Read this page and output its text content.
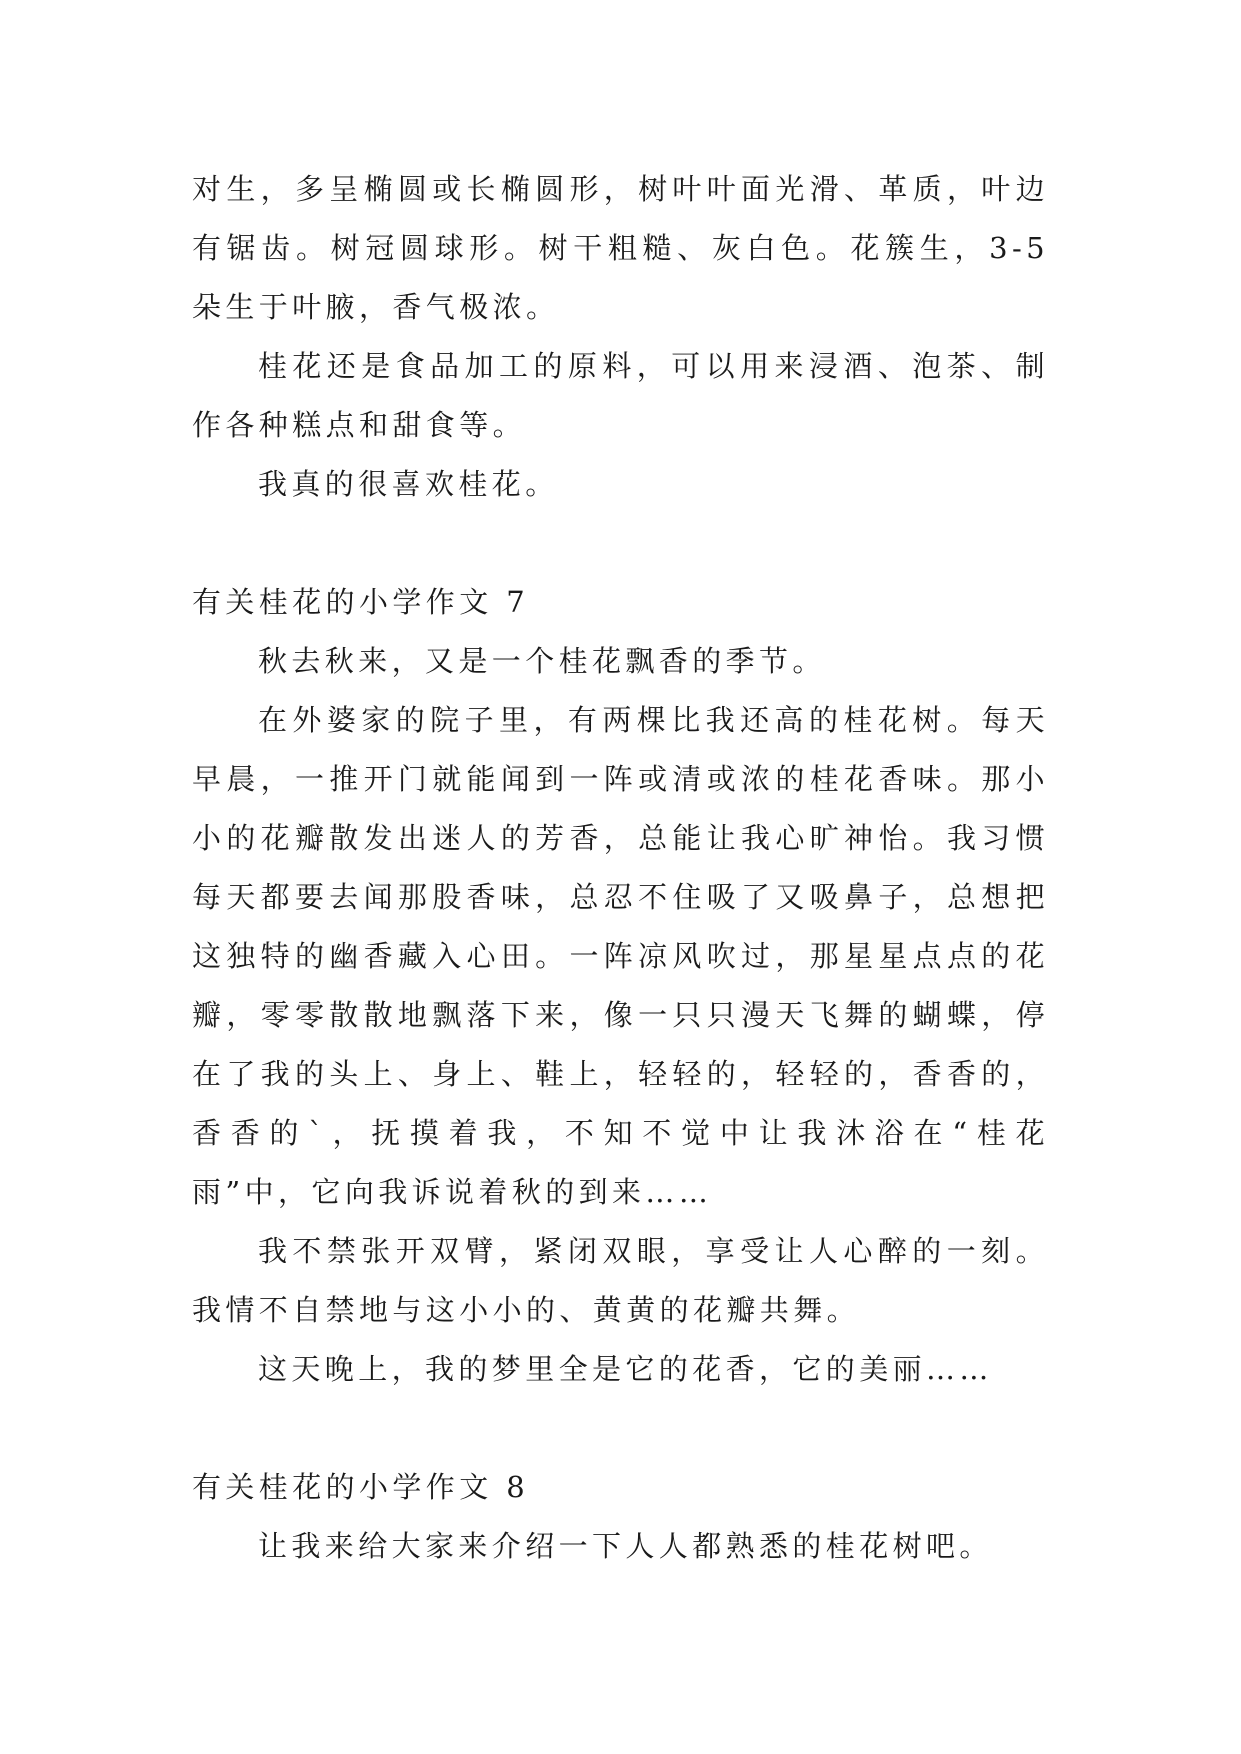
对生，多呈椭圆或长椭圆形，树叶叶面光滑、革质，叶边有锯齿。树冠圆球形。树干粗糙、灰白色。花簇生，3-5 朵生于叶腋，香气极浓。

桂花还是食品加工的原料，可以用来浸酒、泡茶、制作各种糕点和甜食等。

我真的很喜欢桂花。

有关桂花的小学作文 7

秋去秋来，又是一个桂花飘香的季节。

在外婆家的院子里，有两棵比我还高的桂花树。每天早晨，一推开门就能闻到一阵或清或浓的桂花香味。那小小的花瓣散发出迷人的芳香，总能让我心旷神怡。我习惯每天都要去闻那股香味，总忍不住吸了又吸鼻子，总想把这独特的幽香藏入心田。一阵凉风吹过，那星星点点的花瓣，零零散散地飘落下来，像一只只漫天飞舞的蝴蝶，停在了我的头上、身上、鞋上，轻轻的，轻轻的，香香的，香香的`，抚摸着我，不知不觉中让我沐浴在“桂花雨”中，它向我诉说着秋的到来……

我不禁张开双臂，紧闭双眼，享受让人心醉的一刻。我情不自禁地与这小小的、黄黄的花瓣共舞。

这天晚上，我的梦里全是它的花香，它的美丽……

有关桂花的小学作文 8

让我来给大家来介绍一下人人都熟悉的桂花树吧。
